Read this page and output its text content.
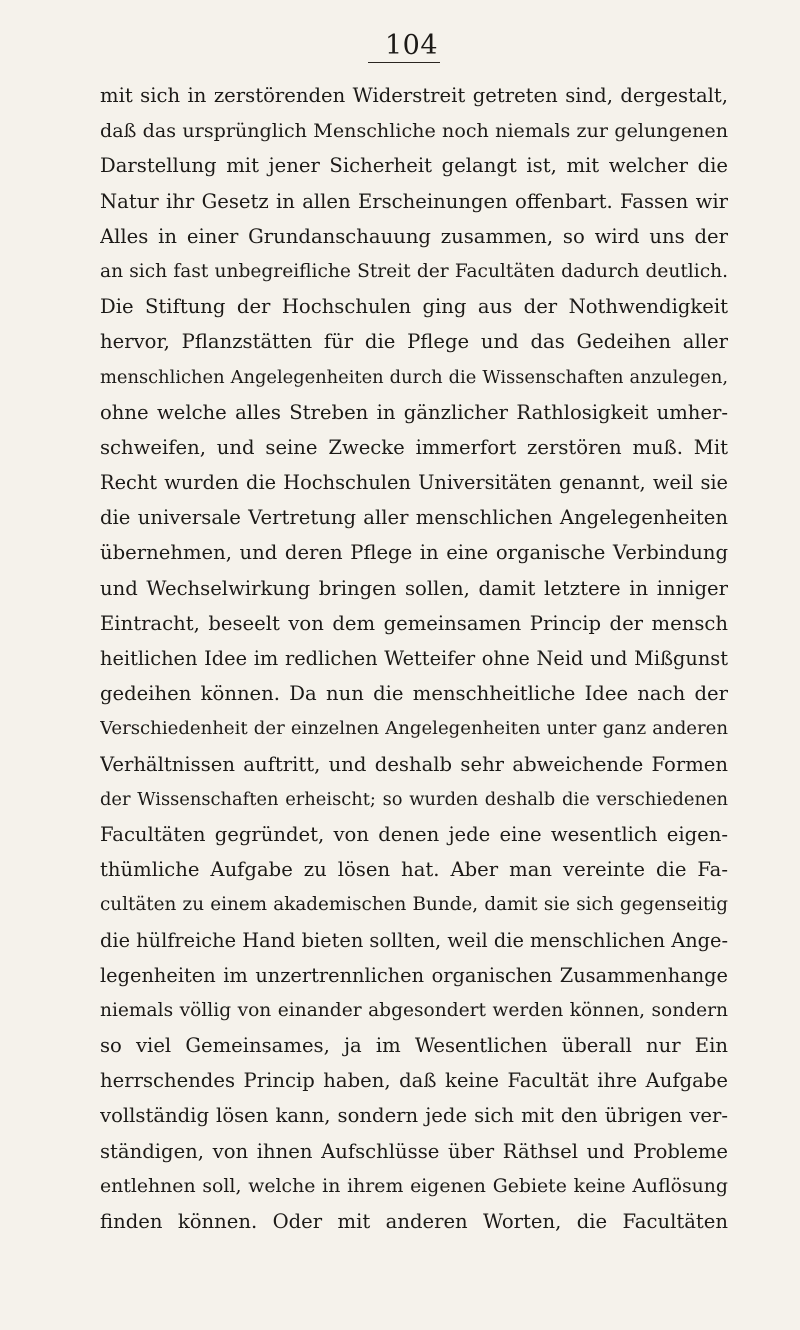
104
mit sich in zerstörenden Widerstreit getreten sind, dergestalt,
daß das ursprünglich Menschliche noch niemals zur gelungenen
Darstellung mit jener Sicherheit gelangt ist, mit welcher die
Natur ihr Gesetz in allen Erscheinungen offenbart. Fassen wir
Alles in einer Grundanschauung zusammen, so wird uns der
an sich fast unbegreifliche Streit der Facultäten dadurch deutlich.
Die Stiftung der Hochschulen ging aus der Nothwendigkeit
hervor, Pflanzstätten für die Pflege und das Gedeihen aller
menschlichen Angelegenheiten durch die Wissenschaften anzulegen,
ohne welche alles Streben in gänzlicher Rathlosigkeit umher-
schweifen, und seine Zwecke immerfort zerstören muß. Mit
Recht wurden die Hochschulen Universitäten genannt, weil sie
die universale Vertretung aller menschlichen Angelegenheiten
übernehmen, und deren Pflege in eine organische Verbindung
und Wechselwirkung bringen sollen, damit letztere in inniger
Eintracht, beseelt von dem gemeinsamen Princip der mensch
heitlichen Idee im redlichen Wetteifer ohne Neid und Mißgunst
gedeihen können. Da nun die menschheitliche Idee nach der
Verschiedenheit der einzelnen Angelegenheiten unter ganz anderen
Verhältnissen auftritt, und deshalb sehr abweichende Formen
der Wissenschaften erheischt; so wurden deshalb die verschiedenen
Facultäten gegründet, von denen jede eine wesentlich eigen-
thümliche Aufgabe zu lösen hat. Aber man vereinte die Fa-
cultäten zu einem akademischen Bunde, damit sie sich gegenseitig
die hülfreiche Hand bieten sollten, weil die menschlichen Ange-
legenheiten im unzertrennlichen organischen Zusammenhange
niemals völlig von einander abgesondert werden können, sondern
so viel Gemeinsames, ja im Wesentlichen überall nur Ein
herrschendes Princip haben, daß keine Facultät ihre Aufgabe
vollständig lösen kann, sondern jede sich mit den übrigen ver-
ständigen, von ihnen Aufschlüsse über Räthsel und Probleme
entlehnen soll, welche in ihrem eigenen Gebiete keine Auflösung
finden können. Oder mit anderen Worten, die Facultäten
